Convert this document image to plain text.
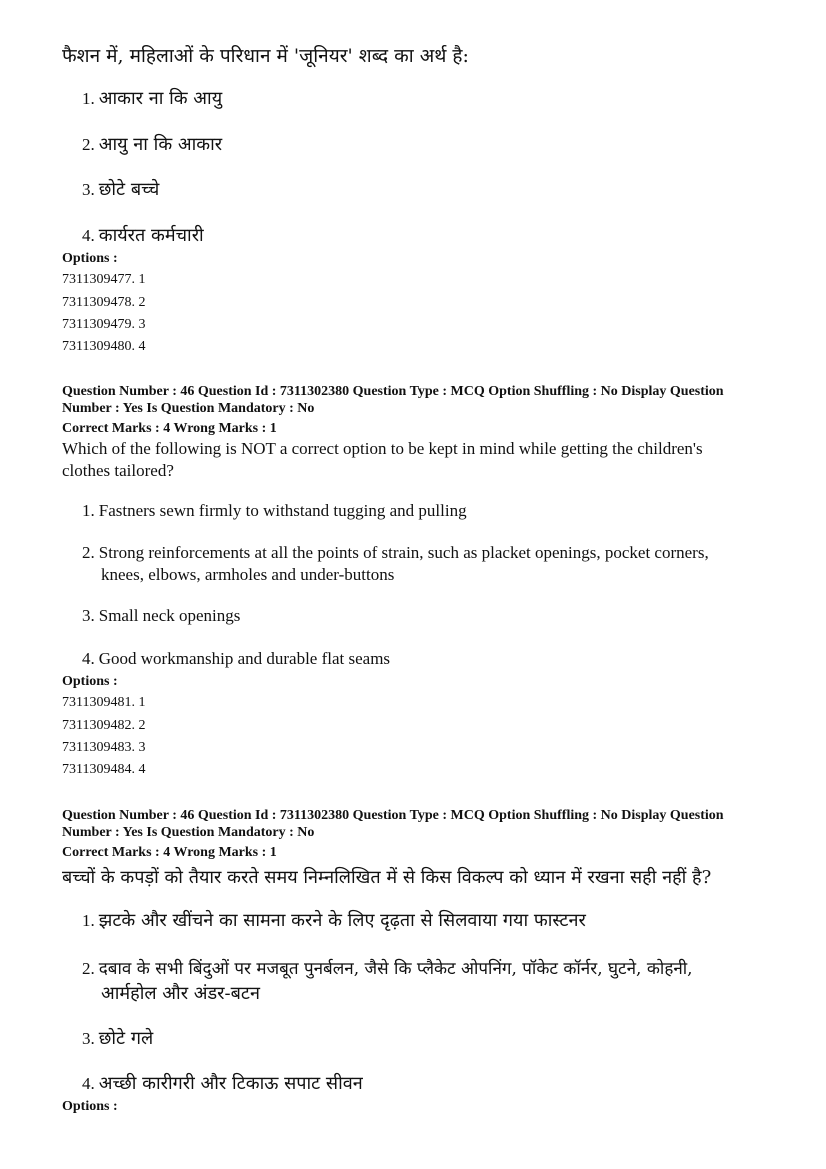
फैशन में, महिलाओं के परिधान में 'जूनियर' शब्द का अर्थ है:

1. आकार ना कि आयु
2. आयु ना कि आकार
3. छोटे बच्चे
4. कार्यरत कर्मचारी
Options :
7311309477. 1
7311309478. 2
7311309479. 3
7311309480. 4
Question Number : 46 Question Id : 7311302380 Question Type : MCQ Option Shuffling : No Display Question
Number : Yes Is Question Mandatory : No
Correct Marks : 4 Wrong Marks : 1
Which of the following is NOT a correct option to be kept in mind while getting the children's
clothes tailored?
1. Fastners sewn firmly to withstand tugging and pulling
2. Strong reinforcements at all the points of strain, such as placket openings, pocket corners,
knees, elbows, armholes and under-buttons
3. Small neck openings
4. Good workmanship and durable flat seams
Options :
7311309481. 1
7311309482. 2
7311309483. 3
7311309484. 4
Question Number : 46 Question Id : 7311302380 Question Type : MCQ Option Shuffling : No Display Question
Number : Yes Is Question Mandatory : No
Correct Marks : 4 Wrong Marks : 1

बच्चों के कपड़ों को तैयार करते समय निम्नलिखित में से किस विकल्प को ध्यान में रखना सही नहीं है?

1. झटके और खींचने का सामना करने के लिए दृढ़ता से सिलवाया गया फास्टनर
2. दबाव के सभी बिंदुओं पर मजबूत पुनर्बलन, जैसे कि प्लैकेट ओपनिंग, पॉकेट कॉर्नर, घुटने, कोहनी,
आर्महोल और अंडर-बटन
3. छोटे गले
4. अच्छी कारीगरी और टिकाऊ सपाट सीवन
Options :
